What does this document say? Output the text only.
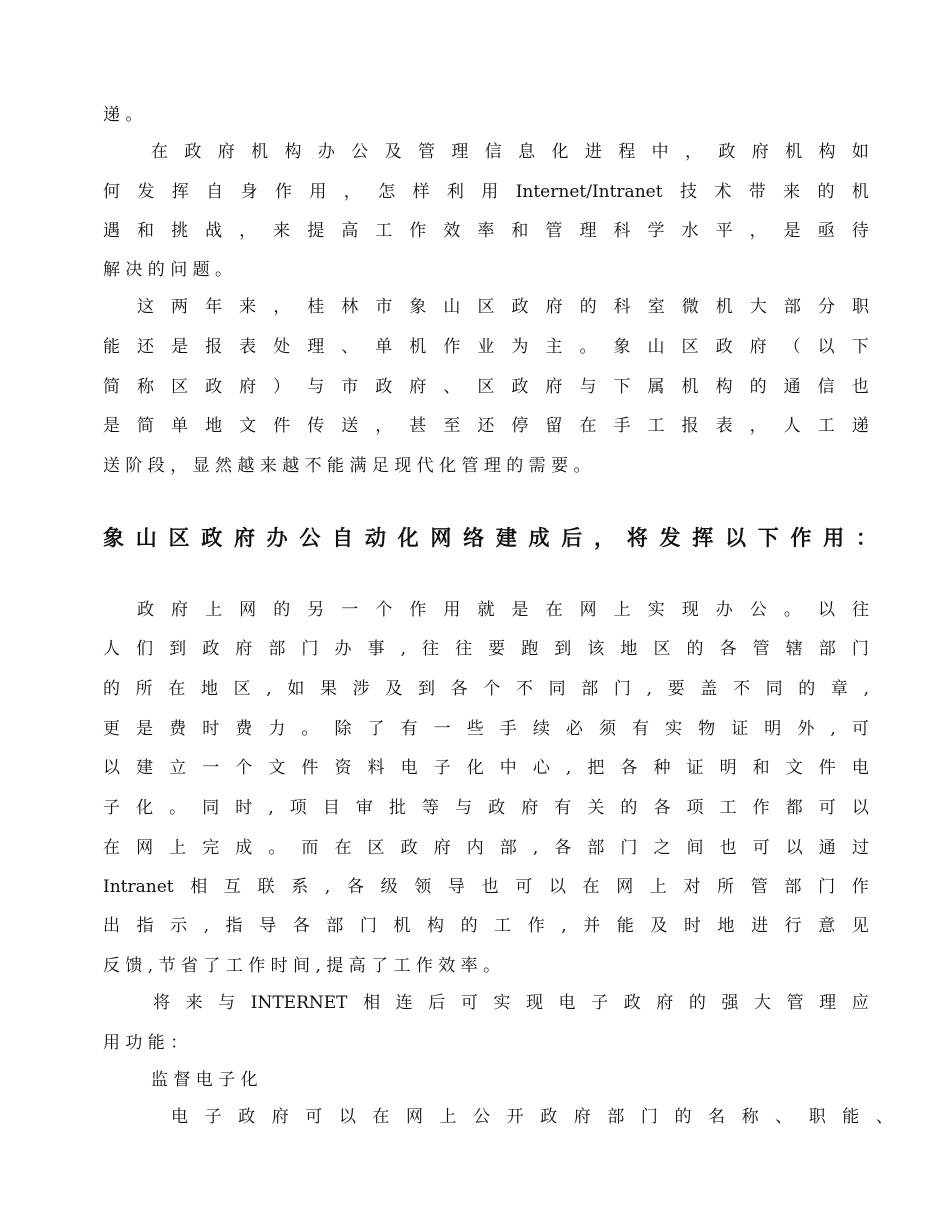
递 。
在 政 府 机 构 办 公 及 管 理 信 息 化 进 程 中 ， 政 府 机 构 如
何 发 挥 自 身 作 用 ， 怎 样 利 用 Internet/Intranet 技 术 带 来 的 机
遇 和 挑 战 ， 来 提 高 工 作 效 率 和 管 理 科 学 水 平 ， 是 亟 待
解 决 的 问 题 。
这 两 年 来 ， 桂 林 市 象 山 区 政 府 的 科 室 微 机 大 部 分 职
能 还 是 报 表 处 理 、 单 机 作 业 为 主 。 象 山 区 政 府 （ 以 下
简 称 区 政 府 ） 与 市 政 府 、 区 政 府 与 下 属 机 构 的 通 信 也
是 简 单 地 文 件 传 送 ， 甚 至 还 停 留 在 手 工 报 表 ， 人 工 递
送 阶 段 ， 显 然 越 来 越 不 能 满 足 现 代 化 管 理 的 需 要 。
象 山 区 政 府 办 公 自 动 化 网 络 建 成 后 ， 将 发 挥 以 下 作 用 ：
政 府 上 网 的 另 一 个 作 用 就 是 在 网 上 实 现 办 公 。 以 往
人 们 到 政 府 部 门 办 事 , 往 往 要 跑 到 该 地 区 的 各 管 辖 部 门
的 所 在 地 区 , 如 果 涉 及 到 各 个 不 同 部 门 , 要 盖 不 同 的 章 ,
更 是 费 时 费 力 。 除 了 有 一 些 手 续 必 须 有 实 物 证 明 外 , 可
以 建 立 一 个 文 件 资 料 电 子 化 中 心 , 把 各 种 证 明 和 文 件 电
子 化 。 同 时 , 项 目 审 批 等 与 政 府 有 关 的 各 项 工 作 都 可 以
在 网 上 完 成 。 而 在 区 政 府 内 部 , 各 部 门 之 间 也 可 以 通 过
Intranet 相 互 联 系 , 各 级 领 导 也 可 以 在 网 上 对 所 管 部 门 作
出 指 示 , 指 导 各 部 门 机 构 的 工 作 , 并 能 及 时 地 进 行 意 见
反 馈 , 节 省 了 工 作 时 间 , 提 高 了 工 作 效 率 。
将 来 与 INTERNET 相 连 后 可 实 现 电 子 政 府 的 强 大 管 理 应
用 功 能 ：
监 督 电 子 化
电 子 政 府 可 以 在 网 上 公 开 政 府 部 门 的 名 称 、 职 能 、
